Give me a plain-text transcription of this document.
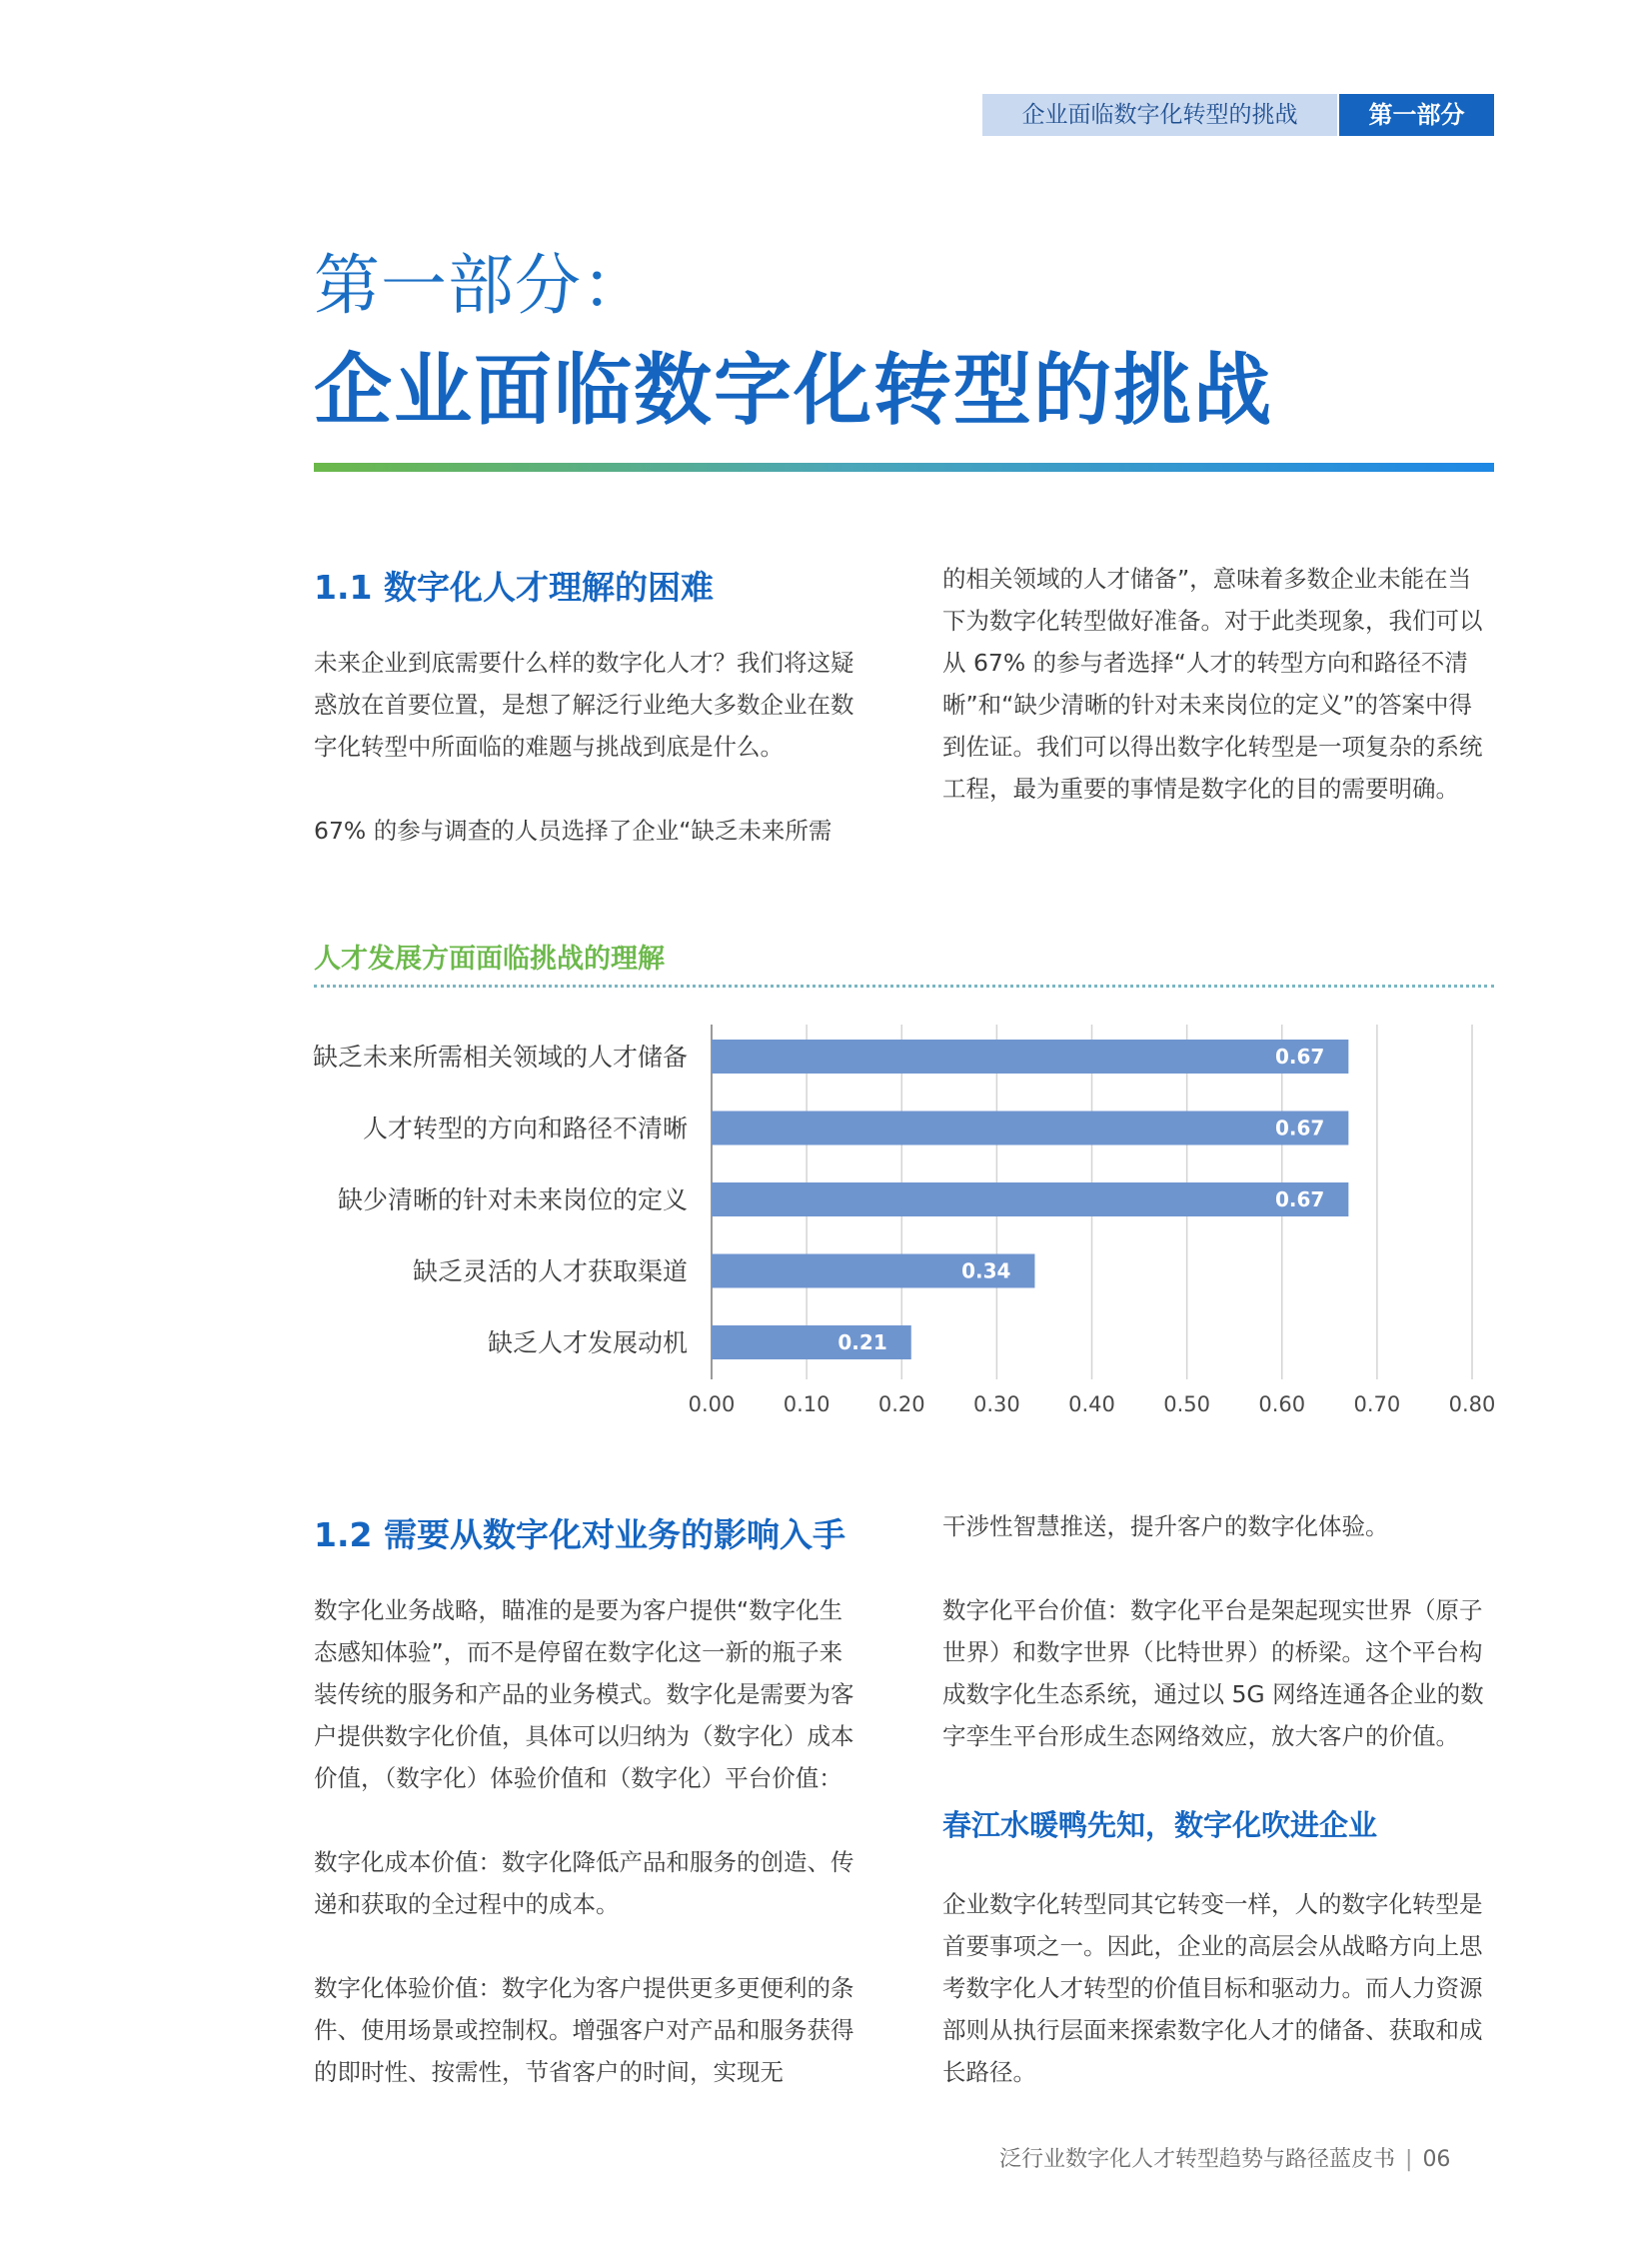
企业面临数字化转型的挑战	第一部分
第一部分：
企业面临数字化转型的挑战
1.1 数字化人才理解的困难

未来企业到底需要什么样的数字化人才？我们将这疑惑放在首要位置，是想了解泛行业绝大多数企业在数字化转型中所面临的难题与挑战到底是什么。

67% 的参与调查的人员选择了企业“缺乏未来所需

的相关领域的人才储备”，意味着多数企业未能在当下为数字化转型做好准备。对于此类现象，我们可以从 67% 的参与者选择“人才的转型方向和路径不清晰”和“缺少清晰的针对未来岗位的定义”的答案中得到佐证。我们可以得出数字化转型是一项复杂的系统工程，最为重要的事情是数字化的目的需要明确。

人才发展方面面临挑战的理解
0.00 0.10 0.20 0.30 0.40 0.50 0.60 0.70 0.80
缺乏未来所需相关领域的人才储备	0.67
人才转型的方向和路径不清晰	0.67
缺少清晰的针对未来岗位的定义	0.67
缺乏灵活的人才获取渠道	0.34
缺乏人才发展动机	0.21
1.2 需要从数字化对业务的影响入手

数字化业务战略，瞄准的是要为客户提供“数字化生态感知体验”，而不是停留在数字化这一新的瓶子来装传统的服务和产品的业务模式。数字化是需要为客户提供数字化价值，具体可以归纳为（数字化）成本价值，（数字化）体验价值和（数字化）平台价值：

数字化成本价值：数字化降低产品和服务的创造、传递和获取的全过程中的成本。

数字化体验价值：数字化为客户提供更多更便利的条件、使用场景或控制权。增强客户对产品和服务获得的即时性、按需性，节省客户的时间，实现无

干涉性智慧推送，提升客户的数字化体验。

数字化平台价值：数字化平台是架起现实世界（原子世界）和数字世界（比特世界）的桥梁。这个平台构成数字化生态系统，通过以 5G 网络连通各企业的数字孪生平台形成生态网络效应，放大客户的价值。

春江水暖鸭先知，数字化吹进企业

企业数字化转型同其它转变一样，人的数字化转型是首要事项之一。因此，企业的高层会从战略方向上思考数字化人才转型的价值目标和驱动力。而人力资源部则从执行层面来探索数字化人才的储备、获取和成长路径。

泛行业数字化人才转型趋势与路径蓝皮书 | 06
